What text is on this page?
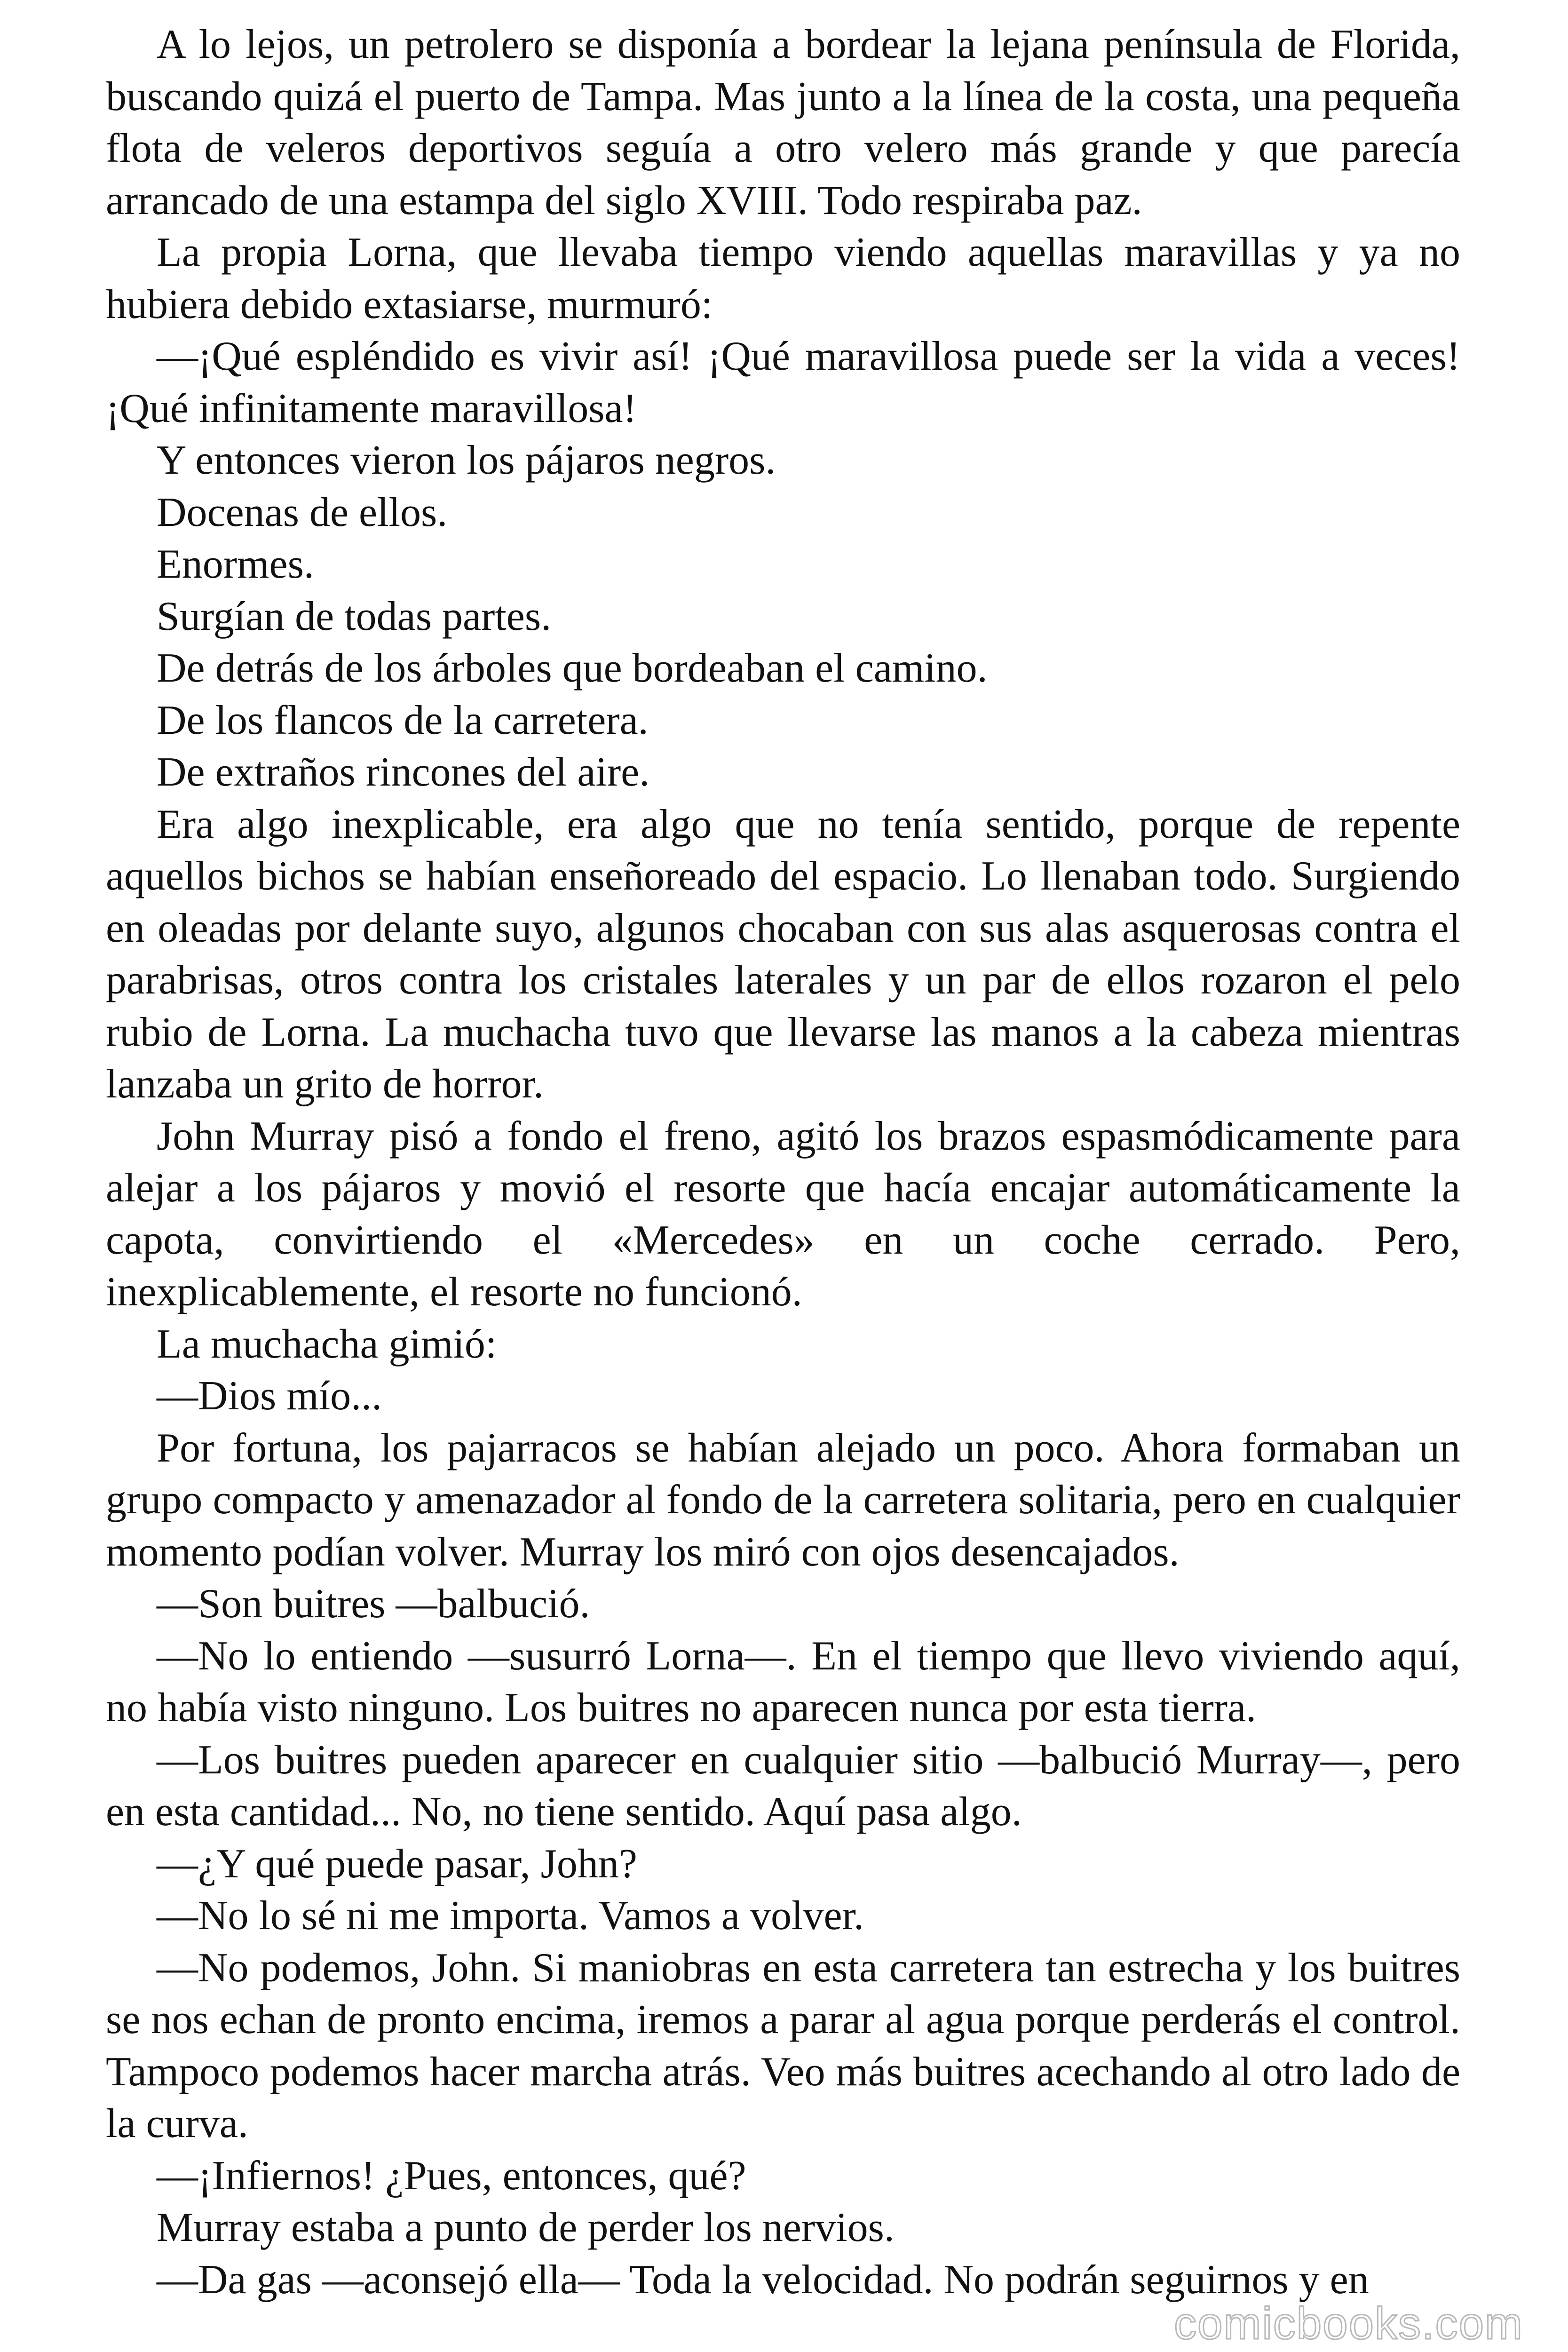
A lo lejos, un petrolero se disponía a bordear la lejana península de Florida, buscando quizá el puerto de Tampa. Mas junto a la línea de la costa, una pequeña flota de veleros deportivos seguía a otro velero más grande y que parecía arrancado de una estampa del siglo XVIII. Todo respiraba paz.

La propia Lorna, que llevaba tiempo viendo aquellas maravillas y ya no hubiera debido extasiarse, murmuró:

—¡Qué espléndido es vivir así! ¡Qué maravillosa puede ser la vida a veces! ¡Qué infinitamente maravillosa!

Y entonces vieron los pájaros negros.

Docenas de ellos.

Enormes.

Surgían de todas partes.

De detrás de los árboles que bordeaban el camino.

De los flancos de la carretera.

De extraños rincones del aire.

Era algo inexplicable, era algo que no tenía sentido, porque de repente aquellos bichos se habían enseñoreado del espacio. Lo llenaban todo. Surgiendo en oleadas por delante suyo, algunos chocaban con sus alas asquerosas contra el parabrisas, otros contra los cristales laterales y un par de ellos rozaron el pelo rubio de Lorna. La muchacha tuvo que llevarse las manos a la cabeza mientras lanzaba un grito de horror.

John Murray pisó a fondo el freno, agitó los brazos espasmódicamente para alejar a los pájaros y movió el resorte que hacía encajar automáticamente la capota, convirtiendo el «Mercedes» en un coche cerrado. Pero, inexplicablemente, el resorte no funcionó.

La muchacha gimió:

—Dios mío...

Por fortuna, los pajarracos se habían alejado un poco. Ahora formaban un grupo compacto y amenazador al fondo de la carretera solitaria, pero en cualquier momento podían volver. Murray los miró con ojos desencajados.

—Son buitres —balbució.

—No lo entiendo —susurró Lorna—. En el tiempo que llevo viviendo aquí, no había visto ninguno. Los buitres no aparecen nunca por esta tierra.

—Los buitres pueden aparecer en cualquier sitio —balbució Murray—, pero en esta cantidad... No, no tiene sentido. Aquí pasa algo.

—¿Y qué puede pasar, John?

—No lo sé ni me importa. Vamos a volver.

—No podemos, John. Si maniobras en esta carretera tan estrecha y los buitres se nos echan de pronto encima, iremos a parar al agua porque perderás el control. Tampoco podemos hacer marcha atrás. Veo más buitres acechando al otro lado de la curva.

—¡Infiernos! ¿Pues, entonces, qué?

Murray estaba a punto de perder los nervios.

—Da gas —aconsejó ella— Toda la velocidad. No podrán seguirnos y en

comicbooks.com
